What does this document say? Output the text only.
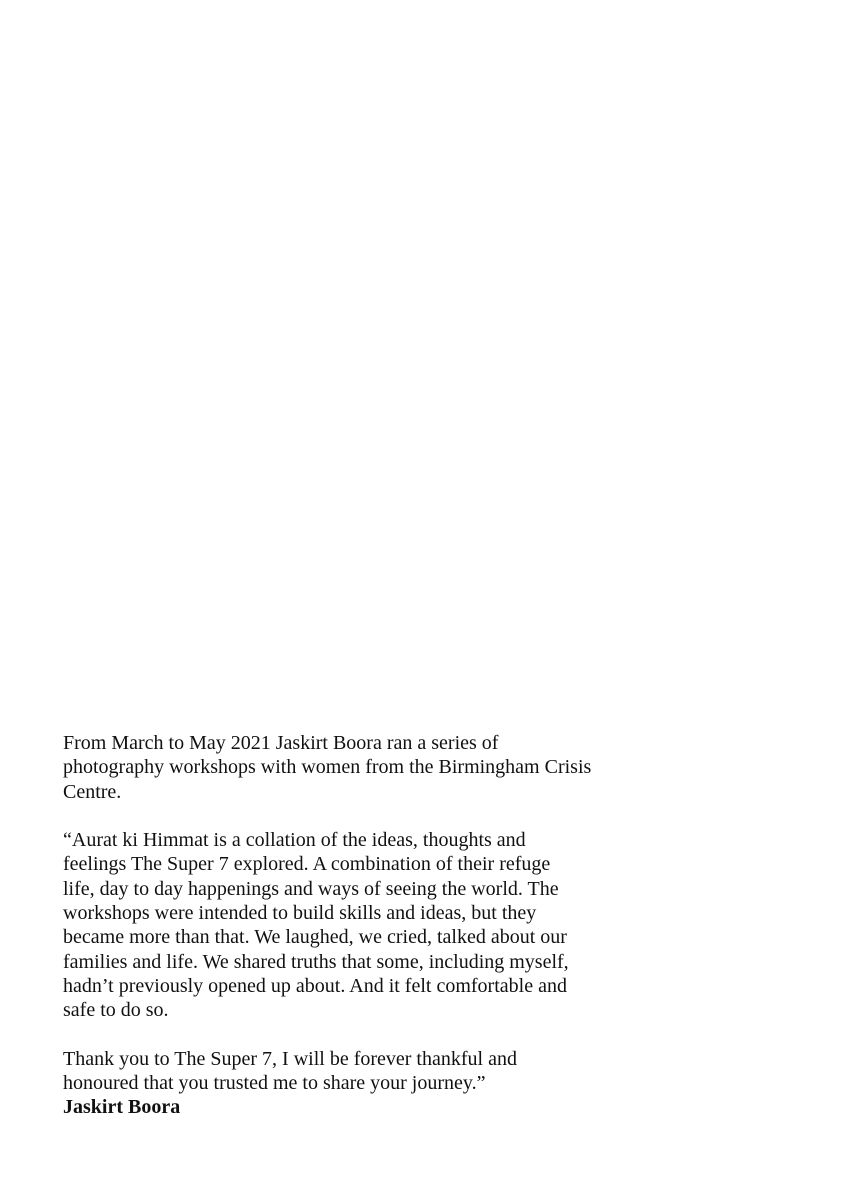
From March to May 2021 Jaskirt Boora ran a series of
photography workshops with women from the Birmingham Crisis
Centre.
“Aurat ki Himmat is a collation of the ideas, thoughts and
feelings The Super 7 explored. A combination of their refuge
life, day to day happenings and ways of seeing the world. The
workshops were intended to build skills and ideas, but they
became more than that. We laughed, we cried, talked about our
families and life. We shared truths that some, including myself,
hadn’t previously opened up about. And it felt comfortable and
safe to do so.
Thank you to The Super 7, I will be forever thankful and
honoured that you trusted me to share your journey.”
Jaskirt Boora
